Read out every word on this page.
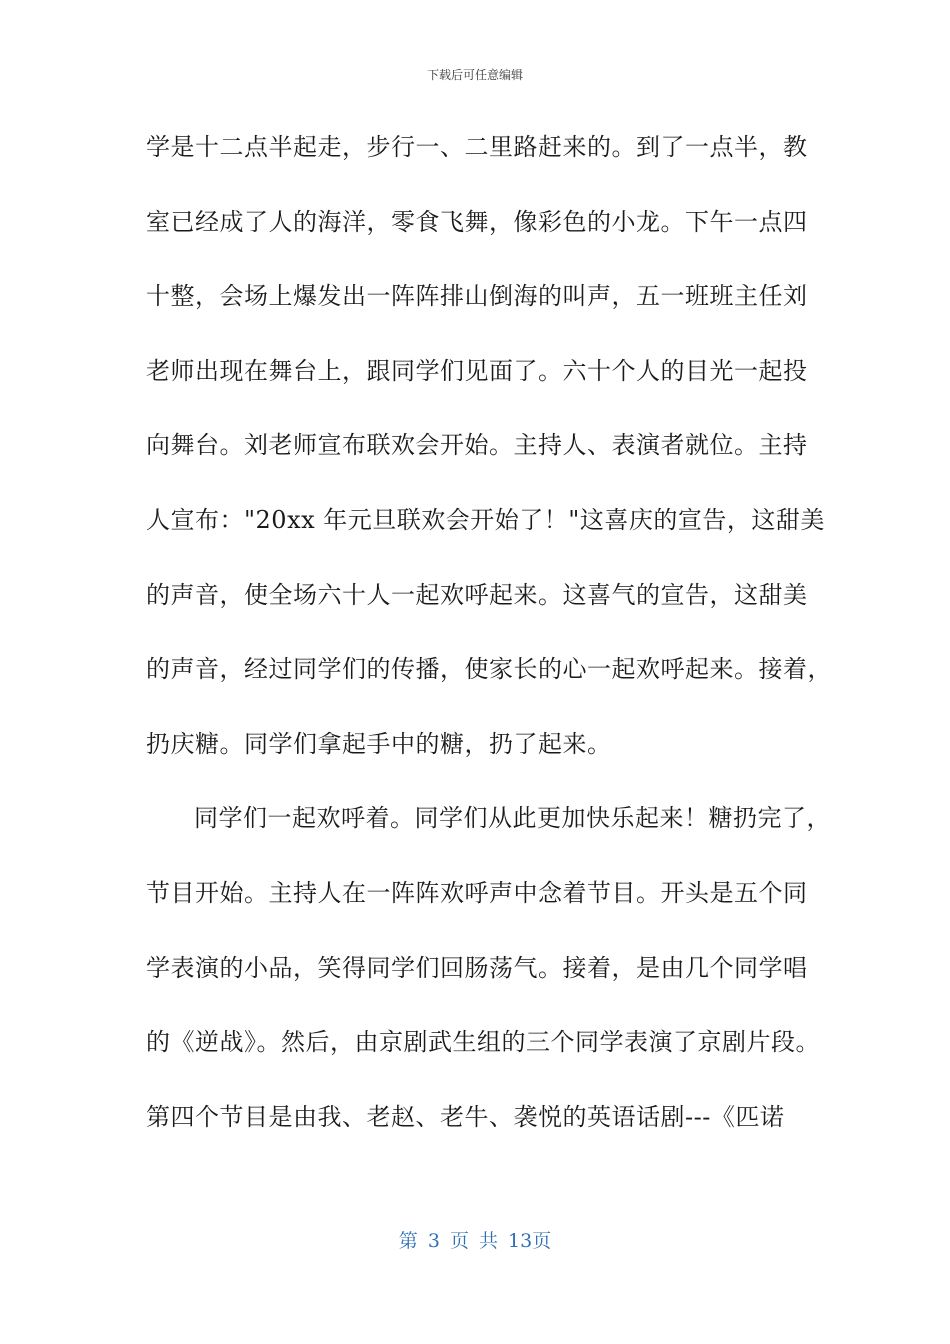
下载后可任意编辑
学是十二点半起走，步行一、二里路赶来的。到了一点半，教
室已经成了人的海洋，零食飞舞，像彩色的小龙。下午一点四
十整，会场上爆发出一阵阵排山倒海的叫声，五一班班主任刘
老师出现在舞台上，跟同学们见面了。六十个人的目光一起投
向舞台。刘老师宣布联欢会开始。主持人、表演者就位。主持
人宣布："20xx 年元旦联欢会开始了！"这喜庆的宣告，这甜美
的声音，使全场六十人一起欢呼起来。这喜气的宣告，这甜美
的声音，经过同学们的传播，使家长的心一起欢呼起来。接着，
扔庆糖。同学们拿起手中的糖，扔了起来。
同学们一起欢呼着。同学们从此更加快乐起来！糖扔完了，
节目开始。主持人在一阵阵欢呼声中念着节目。开头是五个同
学表演的小品，笑得同学们回肠荡气。接着，是由几个同学唱
的《逆战》。然后，由京剧武生组的三个同学表演了京剧片段。
第四个节目是由我、老赵、老牛、袭悦的英语话剧---《匹诺
第 3 页 共 13页
